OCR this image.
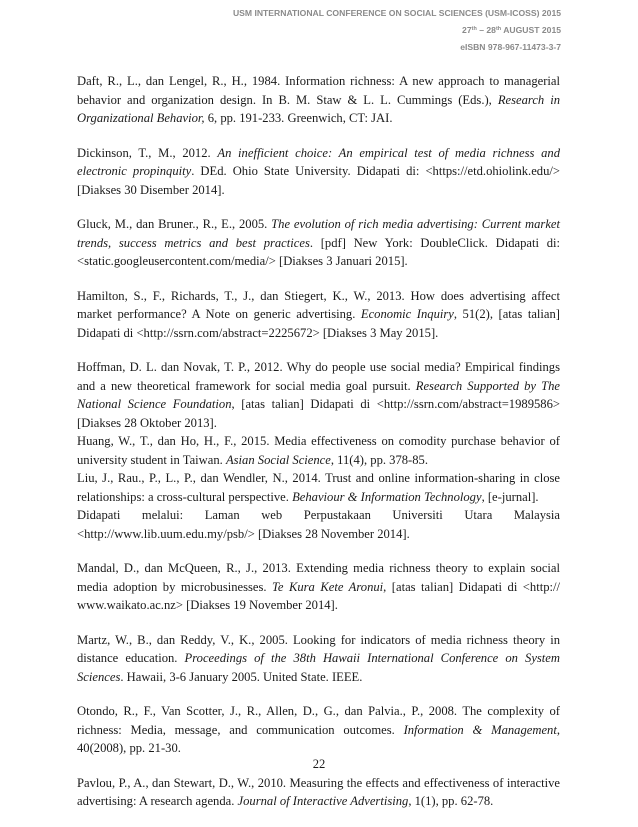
USM INTERNATIONAL CONFERENCE ON SOCIAL SCIENCES (USM-ICOSS) 2015
27th – 28th AUGUST 2015
eISBN 978-967-11473-3-7

Daft, R., L., dan Lengel, R., H., 1984. Information richness: A new approach to managerial behavior and organization design. In B. M. Staw & L. L. Cummings (Eds.), Research in Organizational Behavior, 6, pp. 191-233. Greenwich, CT: JAI.

Dickinson, T., M., 2012. An inefficient choice: An empirical test of media richness and electronic propinquity. DEd. Ohio State University. Didapati di: <https://etd.ohiolink.edu/> [Diakses 30 Disember 2014].

Gluck, M., dan Bruner., R., E., 2005. The evolution of rich media advertising: Current market trends, success metrics and best practices. [pdf] New York: DoubleClick. Didapati di: <static.googleusercontent.com/media/> [Diakses 3 Januari 2015].

Hamilton, S., F., Richards, T., J., dan Stiegert, K., W., 2013. How does advertising affect market performance? A Note on generic advertising. Economic Inquiry, 51(2), [atas talian] Didapati di <http://ssrn.com/abstract=2225672> [Diakses 3 May 2015].

Hoffman, D. L. dan Novak, T. P., 2012. Why do people use social media? Empirical findings and a new theoretical framework for social media goal pursuit. Research Supported by The National Science Foundation, [atas talian] Didapati di <http://ssrn.com/abstract=1989586> [Diakses 28 Oktober 2013].

Huang, W., T., dan Ho, H., F., 2015. Media effectiveness on comodity purchase behavior of university student in Taiwan. Asian Social Science, 11(4), pp. 378-85.

Liu, J., Rau., P., L., P., dan Wendler, N., 2014. Trust and online information-sharing in close relationships: a cross-cultural perspective. Behaviour & Information Technology, [e-jurnal].
Didapati melalui: Laman web Perpustakaan Universiti Utara Malaysia
<http://www.lib.uum.edu.my/psb/> [Diakses 28 November 2014].

Mandal, D., dan McQueen, R., J., 2013. Extending media richness theory to explain social media adoption by microbusinesses. Te Kura Kete Aronui, [atas talian] Didapati di <http:// www.waikato.ac.nz> [Diakses 19 November 2014].

Martz, W., B., dan Reddy, V., K., 2005. Looking for indicators of media richness theory in distance education. Proceedings of the 38th Hawaii International Conference on System Sciences. Hawaii, 3-6 January 2005. United State. IEEE.

Otondo, R., F., Van Scotter, J., R., Allen, D., G., dan Palvia., P., 2008. The complexity of richness: Media, message, and communication outcomes. Information & Management, 40(2008), pp. 21-30.

Pavlou, P., A., dan Stewart, D., W., 2010. Measuring the effects and effectiveness of interactive advertising: A research agenda. Journal of Interactive Advertising, 1(1), pp. 62-78.

22
